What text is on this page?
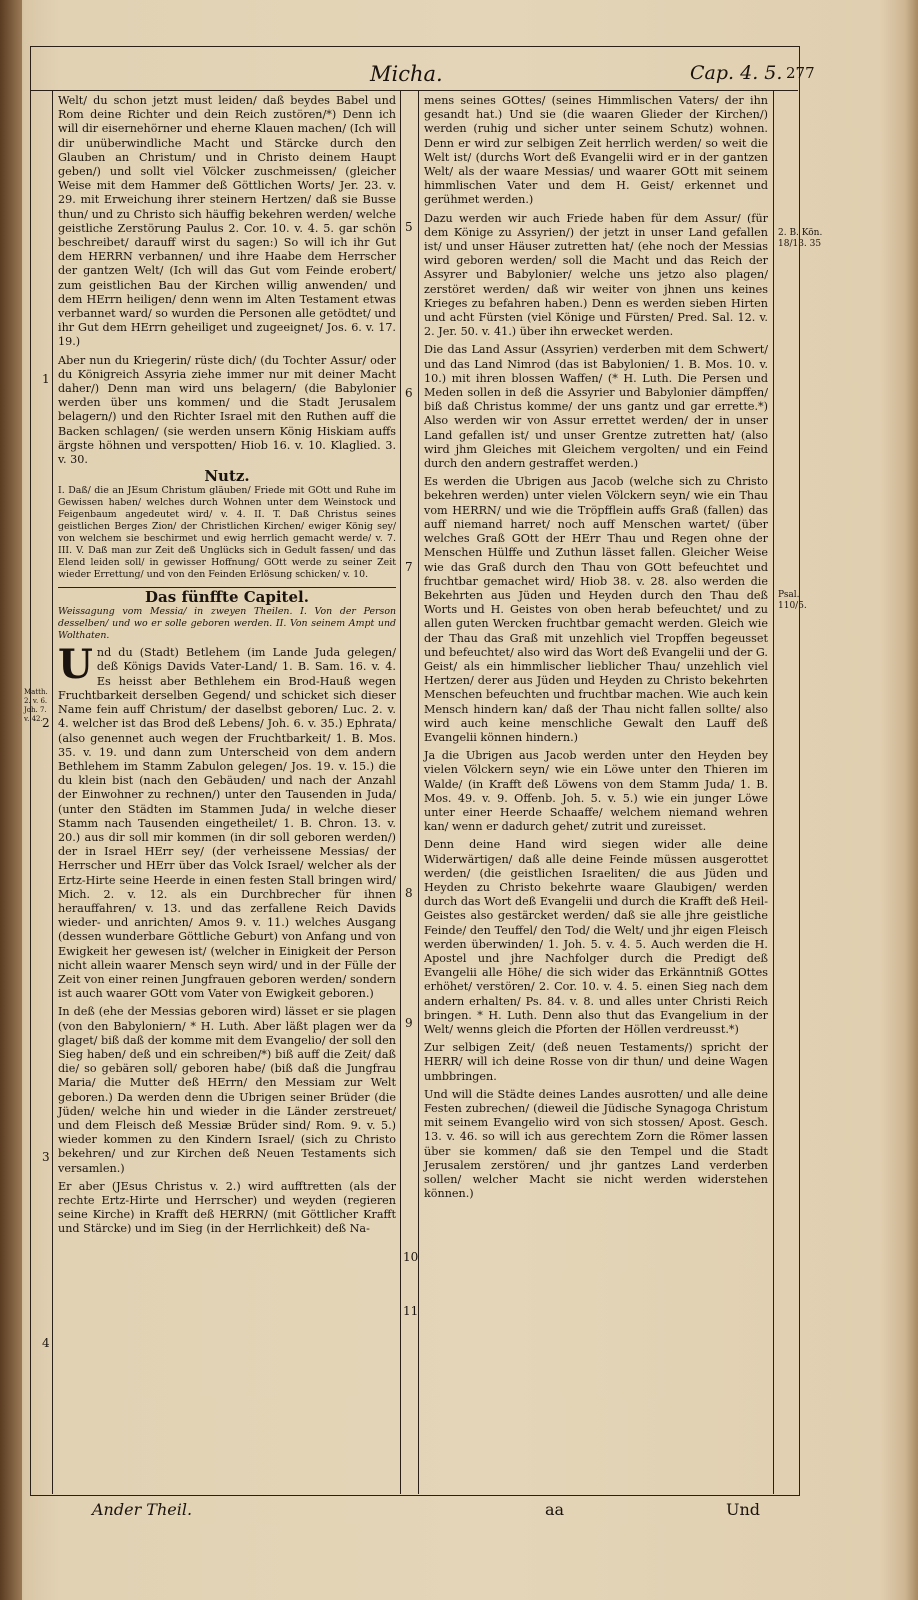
Micha.	Cap. 4. 5. 277

Welt/ du schon jetzt must leiden/ daß beydes Babel und Rom deine Richter und dein Reich zustören/*) Denn ich will dir eisernehörner und eherne Klauen machen/ (Ich will dir unüberwindliche Macht und Stärcke durch den Glauben an Christum/ und in Christo deinem Haupt geben/) und sollt viel Völcker zuschmeissen/ (gleicher Weise mit dem Hammer deß Göttlichen Worts/ Jer. 23. v. 29. mit Erweichung ihrer steinern Hertzen/ daß sie Busse thun/ und zu Christo sich häuffig bekehren werden/ welche geistliche Zerstörung Paulus 2. Cor. 10. v. 4. 5. gar schön beschreibet/ darauff wirst du sagen:) So will ich ihr Gut dem HERRN verbannen/ und ihre Haabe dem Herrscher der gantzen Welt/ (Ich will das Gut vom Feinde erobert/ zum geistlichen Bau der Kirchen willig anwenden/ und dem HErrn heiligen/ denn wenn im Alten Testament etwas verbannet ward/ so wurden die Personen alle getödtet/ und ihr Gut dem HErrn geheiliget und zugeeignet/ Jos. 6. v. 17. 19.)

Aber nun du Kriegerin/ rüste dich/ (du Tochter Assur/ oder du Königreich Assyria ziehe immer nur mit deiner Macht daher/) Denn man wird uns belagern/ (die Babylonier werden über uns kommen/ und die Stadt Jerusalem belagern/) und den Richter Israel mit den Ruthen auff die Backen schlagen/ (sie werden unsern König Hiskiam auffs ärgste höhnen und verspotten/ Hiob 16. v. 10. Klaglied. 3. v. 30.

Nutz.

I. Daß/ die an JEsum Christum gläuben/ Friede mit GOtt und Ruhe im Gewissen haben/ welches durch Wohnen unter dem Weinstock und Feigenbaum angedeutet wird/ v. 4. II. T. Daß Christus seines geistlichen Berges Zion/ der Christlichen Kirchen/ ewiger König sey/ von welchem sie beschirmet und ewig herrlich gemacht werde/ v. 7. III. V. Daß man zur Zeit deß Unglücks sich in Gedult fassen/ und das Elend leiden soll/ in gewisser Hoffnung/ GOtt werde zu seiner Zeit wieder Errettung/ und von den Feinden Erlösung schicken/ v. 10.

Das fünffte Capitel.

Weissagung vom Messia/ in zweyen Theilen. I. Von der Person desselben/ und wo er solle geboren werden. II. Von seinem Ampt und Wolthaten.

Und du (Stadt) Betlehem (im Lande Juda gelegen/ deß Königs Davids Vater-Land/ 1. B. Sam. 16. v. 4. Es heisst aber Bethlehem ein Brod-Hauß wegen Fruchtbarkeit derselben Gegend/ und schicket sich dieser Name fein auff Christum/ der daselbst geboren/ Luc. 2. v. 4. welcher ist das Brod deß Lebens/ Joh. 6. v. 35.) Ephrata/ (also genennet auch wegen der Fruchtbarkeit/ 1. B. Mos. 35. v. 19. und dann zum Unterscheid von dem andern Bethlehem im Stamm Zabulon gelegen/ Jos. 19. v. 15.) die du klein bist (nach den Gebäuden/ und nach der Anzahl der Einwohner zu rechnen/) unter den Tausenden in Juda/ (unter den Städten im Stammen Juda/ in welche dieser Stamm nach Tausenden eingetheilet/ 1. B. Chron. 13. v. 20.) aus dir soll mir kommen (in dir soll geboren werden/) der in Israel HErr sey/ (der verheissene Messias/ der Herrscher und HErr über das Volck Israel/ welcher als der Ertz-Hirte seine Heerde in einen festen Stall bringen wird/ Mich. 2. v. 12. als ein Durchbrecher für ihnen herauffahren/ v. 13. und das zerfallene Reich Davids wieder- und anrichten/ Amos 9. v. 11.) welches Ausgang (dessen wunderbare Göttliche Geburt) von Anfang und von Ewigkeit her gewesen ist/ (welcher in Einigkeit der Person nicht allein waarer Mensch seyn wird/ und in der Fülle der Zeit von einer reinen Jungfrauen geboren werden/ sondern ist auch waarer GOtt vom Vater von Ewigkeit geboren.)

In deß (ehe der Messias geboren wird) lässet er sie plagen (von den Babyloniern/ * H. Luth. Aber läßt plagen wer da glaget/ biß daß der komme mit dem Evangelio/ der soll den Sieg haben/ deß und ein schreiben/*) biß auff die Zeit/ daß die/ so gebären soll/ geboren habe/ (biß daß die Jungfrau Maria/ die Mutter deß HErrn/ den Messiam zur Welt geboren.) Da werden denn die Ubrigen seiner Brüder (die Jüden/ welche hin und wieder in die Länder zerstreuet/ und dem Fleisch deß Messiæ Brüder sind/ Rom. 9. v. 5.) wieder kommen zu den Kindern Israel/ (sich zu Christo bekehren/ und zur Kirchen deß Neuen Testaments sich versamlen.)

Er aber (JEsus Christus v. 2.) wird aufftretten (als der rechte Ertz-Hirte und Herrscher) und weyden (regieren seine Kirche) in Krafft deß HERRN/ (mit Göttlicher Krafft und Stärcke) und im Sieg (in der Herrlichkeit) deß Na-

mens seines GOttes/ (seines Himmlischen Vaters/ der ihn gesandt hat.) Und sie (die waaren Glieder der Kirchen/) werden (ruhig und sicher unter seinem Schutz) wohnen. Denn er wird zur selbigen Zeit herrlich werden/ so weit die Welt ist/ (durchs Wort deß Evangelii wird er in der gantzen Welt/ als der waare Messias/ und waarer GOtt mit seinem himmlischen Vater und dem H. Geist/ erkennet und gerühmet werden.)

Dazu werden wir auch Friede haben für dem Assur/ (für dem Könige zu Assyrien/) der jetzt in unser Land gefallen ist/ und unser Häuser zutretten hat/ (ehe noch der Messias wird geboren werden/ soll die Macht und das Reich der Assyrer und Babylonier/ welche uns jetzo also plagen/ zerstöret werden/ daß wir weiter von jhnen uns keines Krieges zu befahren haben.) Denn es werden sieben Hirten und acht Fürsten (viel Könige und Fürsten/ Pred. Sal. 12. v. 2. Jer. 50. v. 41.) über ihn erwecket werden.

Die das Land Assur (Assyrien) verderben mit dem Schwert/ und das Land Nimrod (das ist Babylonien/ 1. B. Mos. 10. v. 10.) mit ihren blossen Waffen/ (* H. Luth. Die Persen und Meden sollen in deß die Assyrier und Babylonier dämpffen/ biß daß Christus komme/ der uns gantz und gar errette.*) Also werden wir von Assur errettet werden/ der in unser Land gefallen ist/ und unser Grentze zutretten hat/ (also wird jhm Gleiches mit Gleichem vergolten/ und ein Feind durch den andern gestraffet werden.)

Es werden die Ubrigen aus Jacob (welche sich zu Christo bekehren werden) unter vielen Völckern seyn/ wie ein Thau vom HERRN/ und wie die Tröpfflein auffs Graß (fallen) das auff niemand harret/ noch auff Menschen wartet/ (über welches Graß GOtt der HErr Thau und Regen ohne der Menschen Hülffe und Zuthun lässet fallen. Gleicher Weise wie das Graß durch den Thau von GOtt befeuchtet und fruchtbar gemachet wird/ Hiob 38. v. 28. also werden die Bekehrten aus Jüden und Heyden durch den Thau deß Worts und H. Geistes von oben herab befeuchtet/ und zu allen guten Wercken fruchtbar gemacht werden. Gleich wie der Thau das Graß mit unzehlich viel Tropffen begeusset und befeuchtet/ also wird das Wort deß Evangelii und der G. Geist/ als ein himmlischer lieblicher Thau/ unzehlich viel Hertzen/ derer aus Jüden und Heyden zu Christo bekehrten Menschen befeuchten und fruchtbar machen. Wie auch kein Mensch hindern kan/ daß der Thau nicht fallen sollte/ also wird auch keine menschliche Gewalt den Lauff deß Evangelii können hindern.)

Ja die Ubrigen aus Jacob werden unter den Heyden bey vielen Völckern seyn/ wie ein Löwe unter den Thieren im Walde/ (in Krafft deß Löwens von dem Stamm Juda/ 1. B. Mos. 49. v. 9. Offenb. Joh. 5. v. 5.) wie ein junger Löwe unter einer Heerde Schaaffe/ welchem niemand wehren kan/ wenn er dadurch gehet/ zutrit und zureisset.

Denn deine Hand wird siegen wider alle deine Widerwärtigen/ daß alle deine Feinde müssen ausgerottet werden/ (die geistlichen Israeliten/ die aus Jüden und Heyden zu Christo bekehrte waare Glaubigen/ werden durch das Wort deß Evangelii und durch die Krafft deß Heil-Geistes also gestärcket werden/ daß sie alle jhre geistliche Feinde/ den Teuffel/ den Tod/ die Welt/ und jhr eigen Fleisch werden überwinden/ 1. Joh. 5. v. 4. 5. Auch werden die H. Apostel und jhre Nachfolger durch die Predigt deß Evangelii alle Höhe/ die sich wider das Erkänntniß GOttes erhöhet/ verstören/ 2. Cor. 10. v. 4. 5. einen Sieg nach dem andern erhalten/ Ps. 84. v. 8. und alles unter Christi Reich bringen. * H. Luth. Denn also thut das Evangelium in der Welt/ wenns gleich die Pforten der Höllen verdreusst.*)

Zur selbigen Zeit/ (deß neuen Testaments/) spricht der HERR/ will ich deine Rosse von dir thun/ und deine Wagen umbbringen.

Und will die Städte deines Landes ausrotten/ und alle deine Festen zubrechen/ (dieweil die Jüdische Synagoga Christum mit seinem Evangelio wird von sich stossen/ Apost. Gesch. 13. v. 46. so will ich aus gerechtem Zorn die Römer lassen über sie kommen/ daß sie den Tempel und die Stadt Jerusalem zerstören/ und jhr gantzes Land verderben sollen/ welcher Macht sie nicht werden widerstehen können.)

1
2
3
4
5
6
7
8
9
10
11
2. B. Kön. 18/13. 35
Psal. 110/5.
Matth. 2. v. 6. Joh. 7. v. 42.
Ander Theil.	aa	Und
